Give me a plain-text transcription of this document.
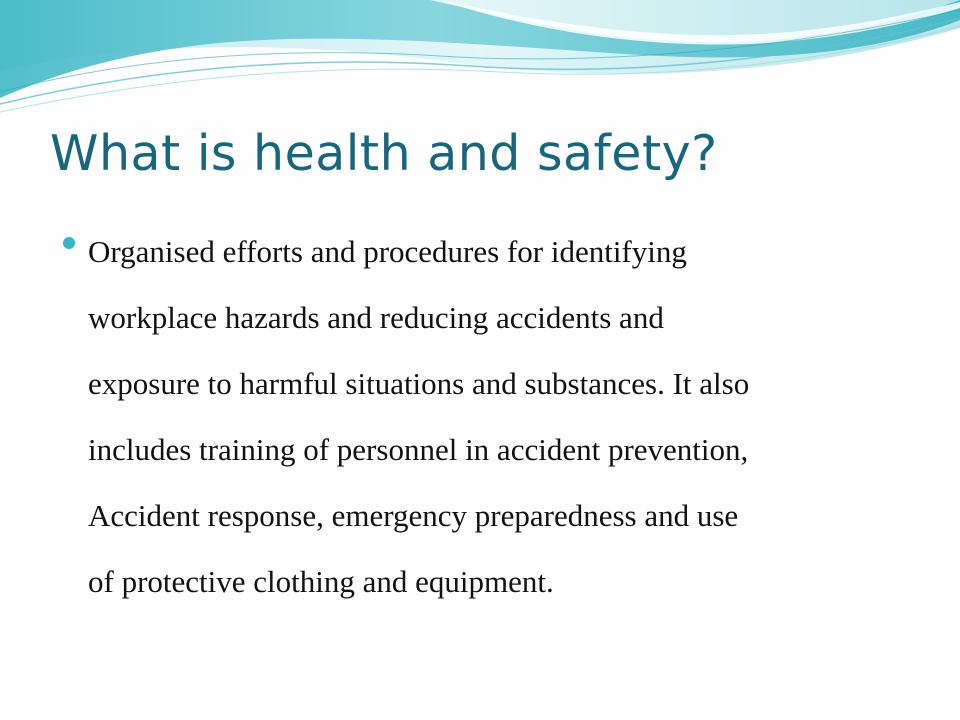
What is health and safety?

Organised efforts and procedures for identifying
workplace hazards and reducing accidents and
exposure to harmful situations and substances. It also
includes training of personnel in accident prevention,
Accident response, emergency preparedness and use
of protective clothing and equipment.
